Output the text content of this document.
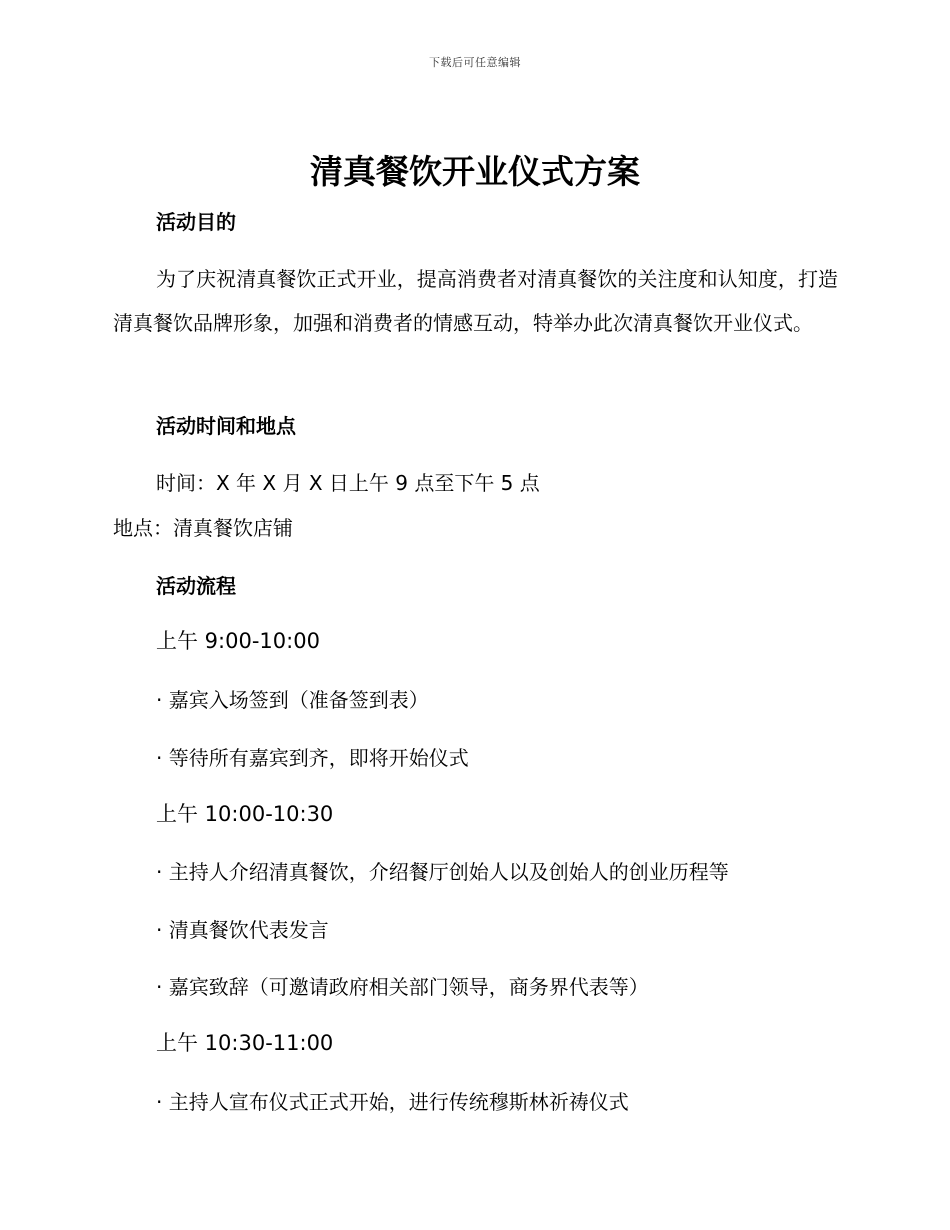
下载后可任意编辑
清真餐饮开业仪式方案
活动目的
为了庆祝清真餐饮正式开业，提高消费者对清真餐饮的关注度和认知度，打造清真餐饮品牌形象，加强和消费者的情感互动，特举办此次清真餐饮开业仪式。
活动时间和地点
时间：X 年 X 月 X 日上午 9 点至下午 5 点
地点：清真餐饮店铺
活动流程
上午 9:00-10:00
· 嘉宾入场签到（准备签到表）
· 等待所有嘉宾到齐，即将开始仪式
上午 10:00-10:30
· 主持人介绍清真餐饮，介绍餐厅创始人以及创始人的创业历程等
· 清真餐饮代表发言
· 嘉宾致辞（可邀请政府相关部门领导，商务界代表等）
上午 10:30-11:00
· 主持人宣布仪式正式开始，进行传统穆斯林祈祷仪式
